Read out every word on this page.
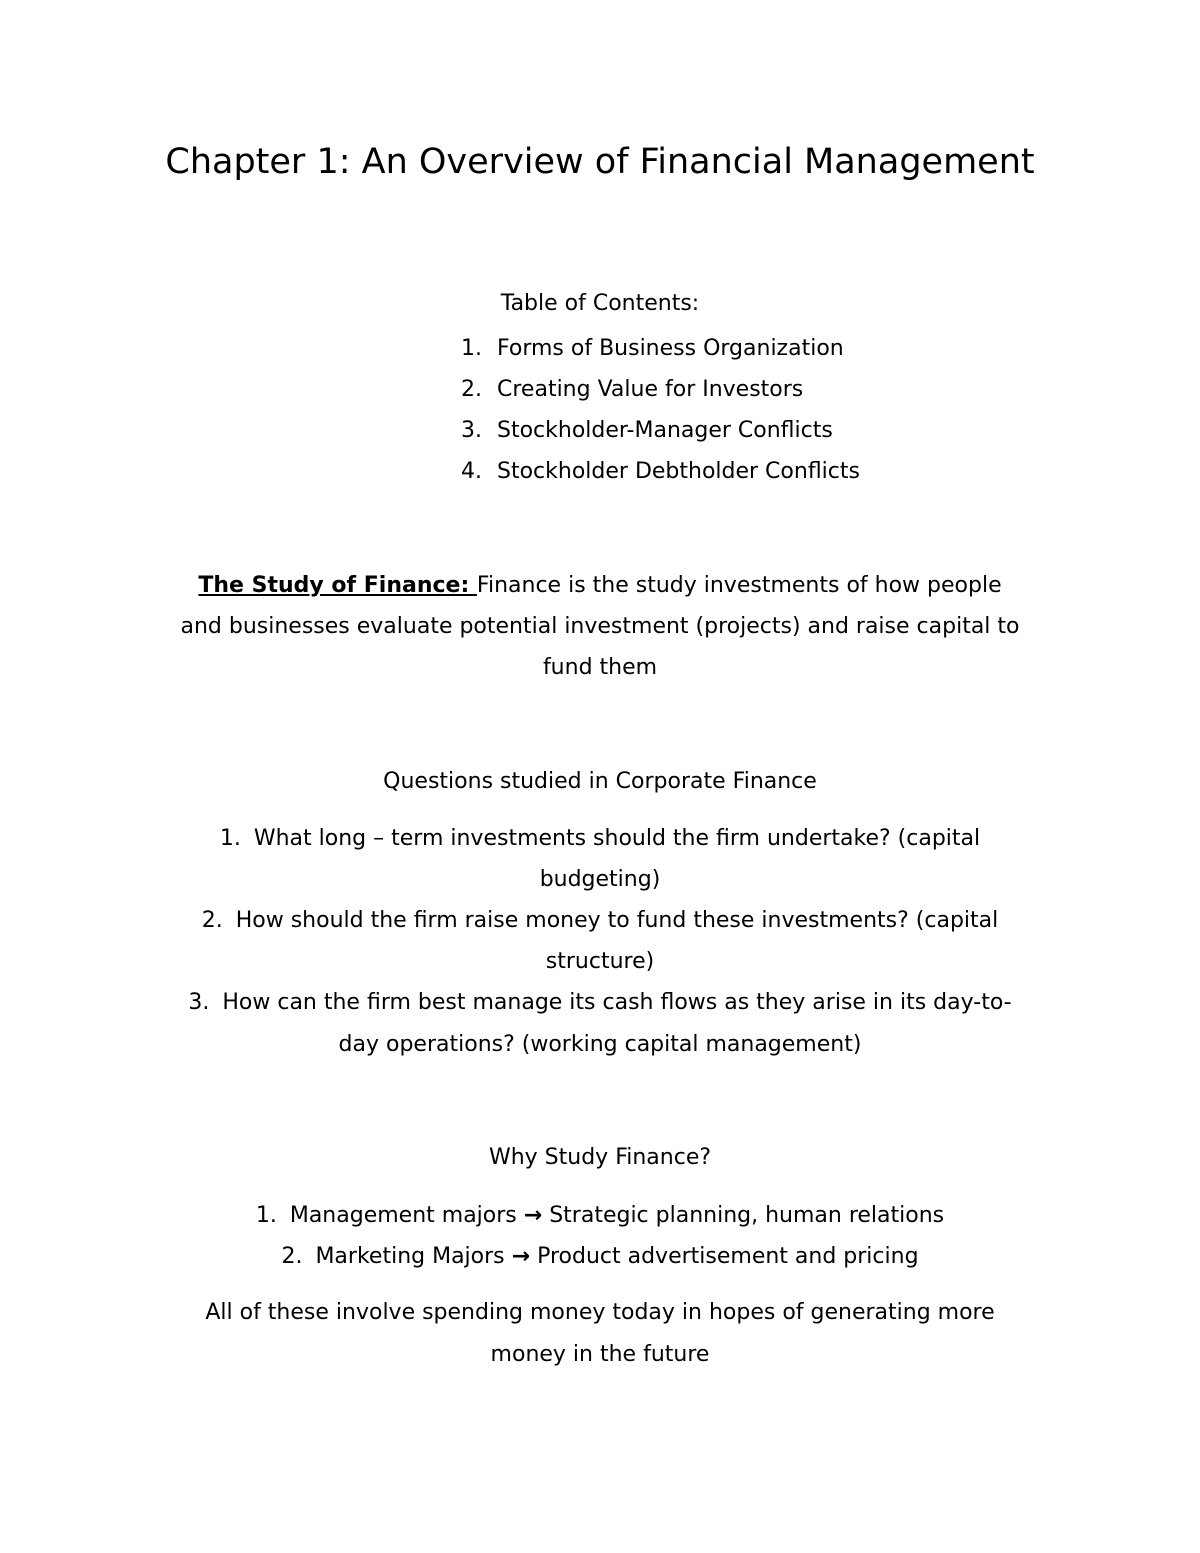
Chapter 1: An Overview of Financial Management
Table of Contents:
1. Forms of Business Organization
2. Creating Value for Investors
3. Stockholder-Manager Conflicts
4. Stockholder Debtholder Conflicts
The Study of Finance: Finance is the study investments of how people
and businesses evaluate potential investment (projects) and raise capital to
fund them
Questions studied in Corporate Finance
1. What long – term investments should the firm undertake? (capital
budgeting)
2. How should the firm raise money to fund these investments? (capital
structure)
3. How can the firm best manage its cash flows as they arise in its day-to-
day operations? (working capital management)
Why Study Finance?
1. Management majors → Strategic planning, human relations
2. Marketing Majors → Product advertisement and pricing
All of these involve spending money today in hopes of generating more
money in the future
